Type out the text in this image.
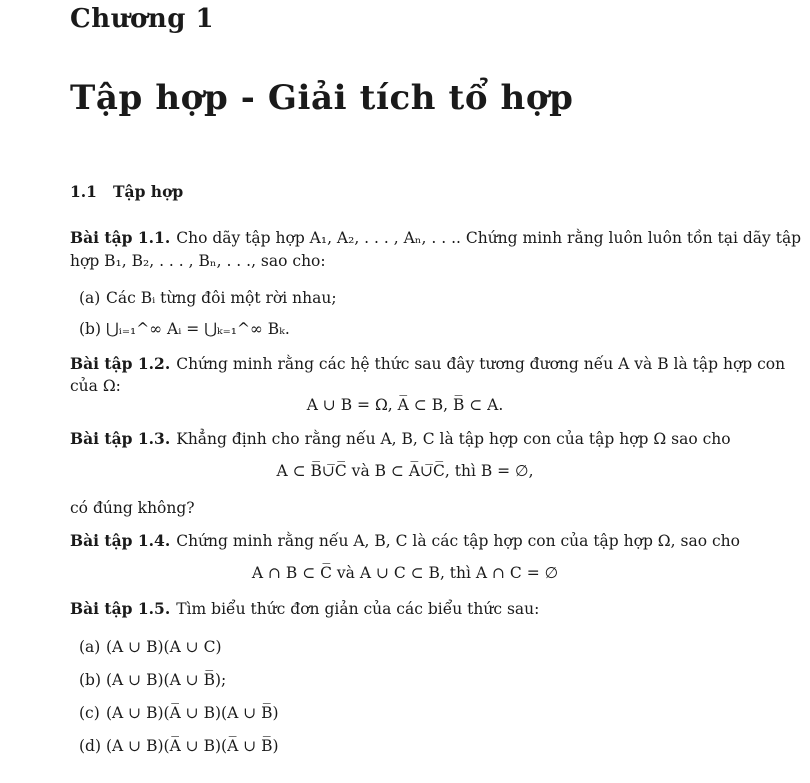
Chương 1
Tập hợp - Giải tích tổ hợp
1.1 Tập hợp
Bài tập 1.1. Cho dãy tập hợp A₁, A₂, . . . , Aₙ, . . .. Chứng minh rằng luôn luôn tồn tại dãy tập
hợp B₁, B₂, . . . , Bₙ, . . ., sao cho:
(a) Các Bᵢ từng đôi một rời nhau;
(b) ⋃ᵢ₌₁^∞ Aᵢ = ⋃ₖ₌₁^∞ Bₖ.
Bài tập 1.2. Chứng minh rằng các hệ thức sau đây tương đương nếu A và B là tập hợp con
của Ω:
A ∪ B = Ω, A̅ ⊂ B, B̅ ⊂ A.
Bài tập 1.3. Khẳng định cho rằng nếu A, B, C là tập hợp con của tập hợp Ω sao cho
A ⊂ B̅∪̅C̅ và B ⊂ A̅∪̅C̅, thì B = ∅,
có đúng không?
Bài tập 1.4. Chứng minh rằng nếu A, B, C là các tập hợp con của tập hợp Ω, sao cho
A ∩ B ⊂ C̅ và A ∪ C ⊂ B, thì A ∩ C = ∅
Bài tập 1.5. Tìm biểu thức đơn giản của các biểu thức sau:
(a) (A ∪ B)(A ∪ C)
(b) (A ∪ B)(A ∪ B̅);
(c) (A ∪ B)(A̅ ∪ B)(A ∪ B̅)
(d) (A ∪ B)(A̅ ∪ B)(A̅ ∪ B̅)
